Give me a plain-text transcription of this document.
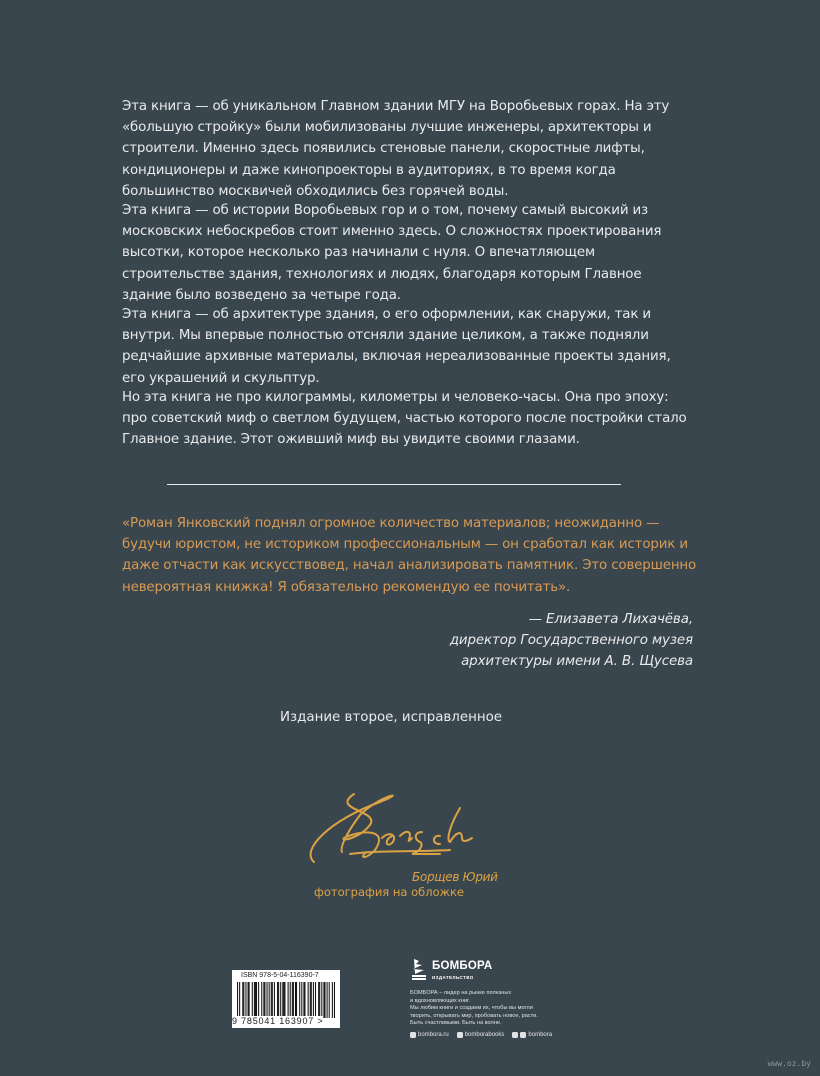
Эта книга — об уникальном Главном здании МГУ на Воробьевых горах. На эту «большую стройку» были мобилизованы лучшие инженеры, архитекторы и строители. Именно здесь появились стеновые панели, скоростные лифты, кондиционеры и даже кинопроекторы в аудиториях, в то время когда большинство москвичей обходились без горячей воды.

Эта книга — об истории Воробьевых гор и о том, почему самый высокий из московских небоскребов стоит именно здесь. О сложностях проектирования высотки, которое несколько раз начинали с нуля. О впечатляющем строительстве здания, технологиях и людях, благодаря которым Главное здание было возведено за четыре года.

Эта книга — об архитектуре здания, о его оформлении, как снаружи, так и внутри. Мы впервые полностью отсняли здание целиком, а также подняли редчайшие архивные материалы, включая нереализованные проекты здания, его украшений и скульптур.

Но эта книга не про килограммы, километры и человеко-часы. Она про эпоху: про советский миф о светлом будущем, частью которого после постройки стало Главное здание. Этот оживший миф вы увидите своими глазами.

«Роман Янковский поднял огромное количество материалов; неожиданно — будучи юристом, не историком профессиональным — он сработал как историк и даже отчасти как искусствовед, начал анализировать памятник. Это совершенно невероятная книжка! Я обязательно рекомендую ее почитать».

— Елизавета Лихачёва,
директор Государственного музея
архитектуры имени А. В. Щусева
Издание второе, исправленное
Борщев Юрий
фотография на обложке
ISBN 978-5-04-116390-7
9 785041 163907 >
БОМБОРА
ИЗДАТЕЛЬСТВО
БОМБОРА – лидер на рынке полезных
и вдохновляющих книг.
Мы любим книги и создаем их, чтобы вы могли
творить, открывать мир, пробовать новое, расти.
Быть счастливыми. Быть на волне.
bombora.ru	bomborabooks	bombora
www.oz.by
